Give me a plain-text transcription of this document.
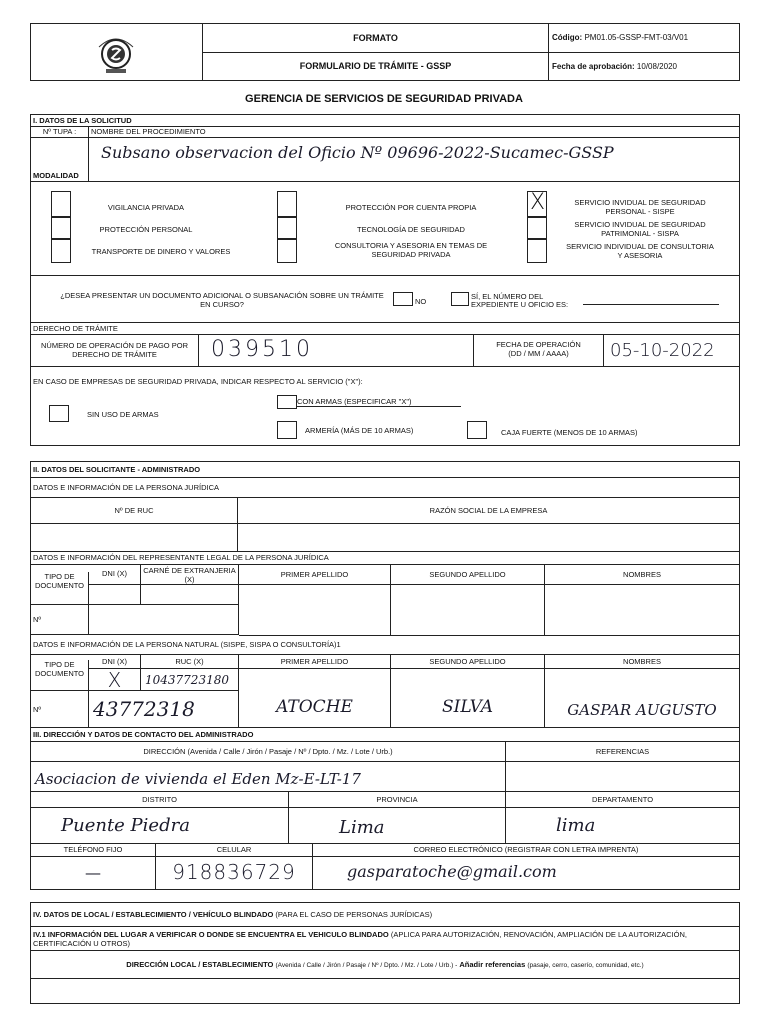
FORMATO
FORMULARIO DE TRÁMITE - GSSP
Código: PM01.05-GSSP-FMT-03/V01
Fecha de aprobación: 10/08/2020
GERENCIA DE SERVICIOS DE SEGURIDAD PRIVADA
I. DATOS DE LA SOLICITUD
Nº TUPA :	NOMBRE DEL PROCEDIMIENTO
Subsano observacion del Oficio Nº 09696-2022-Sucamec-GSSP
MODALIDAD
VIGILANCIA PRIVADA
PROTECCIÓN PERSONAL
TRANSPORTE DE DINERO Y VALORES
PROTECCIÓN POR CUENTA PROPIA
TECNOLOGÍA DE SEGURIDAD
CONSULTORIA Y ASESORIA EN TEMAS DE SEGURIDAD PRIVADA
X	SERVICIO INVIDUAL DE SEGURIDAD PERSONAL - SISPE
SERVICIO INVIDUAL DE SEGURIDAD PATRIMONIAL - SISPA
SERVICIO INDIVIDUAL DE CONSULTORIA Y ASESORIA
¿DESEA PRESENTAR UN DOCUMENTO ADICIONAL O SUBSANACIÓN SOBRE UN TRÁMITE EN CURSO?	NO
SÍ, EL NÚMERO DEL EXPEDIENTE U OFICIO ES:
DERECHO DE TRÁMITE
NÚMERO DE OPERACIÓN DE PAGO POR DERECHO DE TRÁMITE	039510	FECHA DE OPERACIÓN
(DD / MM / AAAA)	05-10-2022
EN CASO DE EMPRESAS DE SEGURIDAD PRIVADA, INDICAR RESPECTO AL SERVICIO ("X"):
SIN USO DE ARMAS
CON ARMAS (ESPECIFICAR "X")
ARMERÍA (MÁS DE 10 ARMAS)	CAJA FUERTE (MENOS DE 10 ARMAS)
II. DATOS DEL SOLICITANTE - ADMINISTRADO
DATOS E INFORMACIÓN DE LA PERSONA JURÍDICA
Nº DE RUC	RAZÓN SOCIAL DE LA EMPRESA
DATOS E INFORMACIÓN DEL REPRESENTANTE LEGAL DE LA PERSONA JURÍDICA
TIPO DE DOCUMENTO
DNI (X)	CARNÉ DE EXTRANJERIA (X)
PRIMER APELLIDO	SEGUNDO APELLIDO	NOMBRES
Nº
DATOS E INFORMACIÓN DE LA PERSONA NATURAL (SISPE, SISPA O CONSULTORÍA)1
TIPO DE DOCUMENTO
DNI (X)	RUC (X)	PRIMER APELLIDO	SEGUNDO APELLIDO	NOMBRES
X	10437723180
Nº	43772318	ATOCHE	SILVA	GASPAR AUGUSTO
III. DIRECCIÓN Y DATOS DE CONTACTO DEL ADMINISTRADO
DIRECCIÓN (Avenida / Calle / Jirón / Pasaje / Nº / Dpto. / Mz. / Lote / Urb.)	REFERENCIAS
Asociacion de vivienda el Eden Mz-E-LT-17
DISTRITO	PROVINCIA	DEPARTAMENTO
Puente Piedra	Lima	lima
TELÉFONO FIJO	CELULAR	CORREO ELECTRÓNICO (REGISTRAR CON LETRA IMPRENTA)
—	918836729	gasparatoche@gmail.com
IV. DATOS DE LOCAL / ESTABLECIMIENTO / VEHÍCULO BLINDADO (PARA EL CASO DE PERSONAS JURÍDICAS)
IV.1 INFORMACIÓN DEL LUGAR A VERIFICAR O DONDE SE ENCUENTRA EL VEHICULO BLINDADO (APLICA PARA AUTORIZACIÓN, RENOVACIÓN, AMPLIACIÓN DE LA AUTORIZACIÓN, CERTIFICACIÓN U OTROS)
DIRECCIÓN LOCAL / ESTABLECIMIENTO (Avenida / Calle / Jirón / Pasaje / Nº / Dpto. / Mz. / Lote / Urb.) - Añadir referencias (pasaje, cerro, caserío, comunidad, etc.)
